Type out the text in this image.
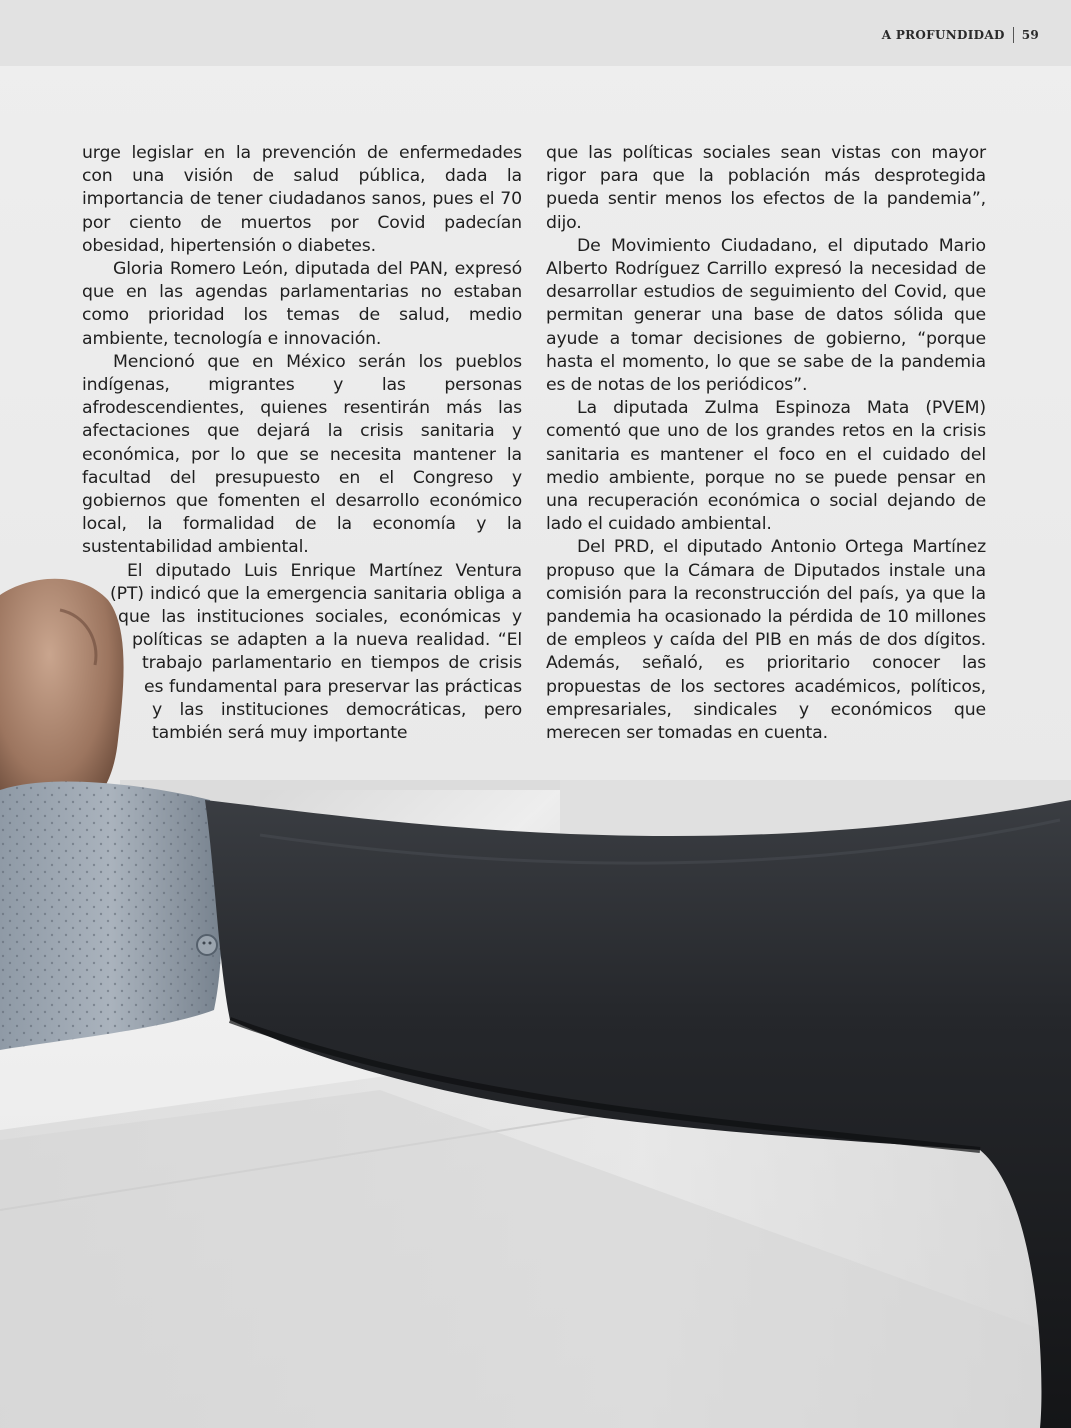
A PROFUNDIDAD 59

urge legislar en la prevención de enfermedades con una visión de salud pública, dada la importancia de tener ciudadanos sanos, pues el 70 por ciento de muertos por Covid padecían obesidad, hipertensión o diabetes.

Gloria Romero León, diputada del PAN, expresó que en las agendas parlamentarias no estaban como prioridad los temas de salud, medio ambiente, tecnología e innovación.

Mencionó que en México serán los pueblos indígenas, migrantes y las personas afrodescendientes, quienes resentirán más las afectaciones que dejará la crisis sanitaria y económica, por lo que se necesita mantener la facultad del presupuesto en el Congreso y gobiernos que fomenten el desarrollo económico local, la formalidad de la economía y la sustentabilidad ambiental.

El diputado Luis Enrique Martínez Ventura (PT) indicó que la emergencia sanitaria obliga a que las instituciones sociales, económicas y políticas se adapten a la nueva realidad. “El trabajo parlamentario en tiempos de crisis es fundamental para preservar las prácticas y las instituciones democráticas, pero también será muy importante

que las políticas sociales sean vistas con mayor rigor para que la población más desprotegida pueda sentir menos los efectos de la pandemia”, dijo.

De Movimiento Ciudadano, el diputado Mario Alberto Rodríguez Carrillo expresó la necesidad de desarrollar estudios de seguimiento del Covid, que permitan generar una base de datos sólida que ayude a tomar decisiones de gobierno, “porque hasta el momento, lo que se sabe de la pandemia es de notas de los periódicos”.

La diputada Zulma Espinoza Mata (PVEM) comentó que uno de los grandes retos en la crisis sanitaria es mantener el foco en el cuidado del medio ambiente, porque no se puede pensar en una recuperación económica o social dejando de lado el cuidado ambiental.

Del PRD, el diputado Antonio Ortega Martínez propuso que la Cámara de Diputados instale una comisión para la reconstrucción del país, ya que la pandemia ha ocasionado la pérdida de 10 millones de empleos y caída del PIB en más de dos dígitos. Además, señaló, es prioritario conocer las propuestas de los sectores académicos, políticos, empresariales, sindicales y económicos que merecen ser tomadas en cuenta.
